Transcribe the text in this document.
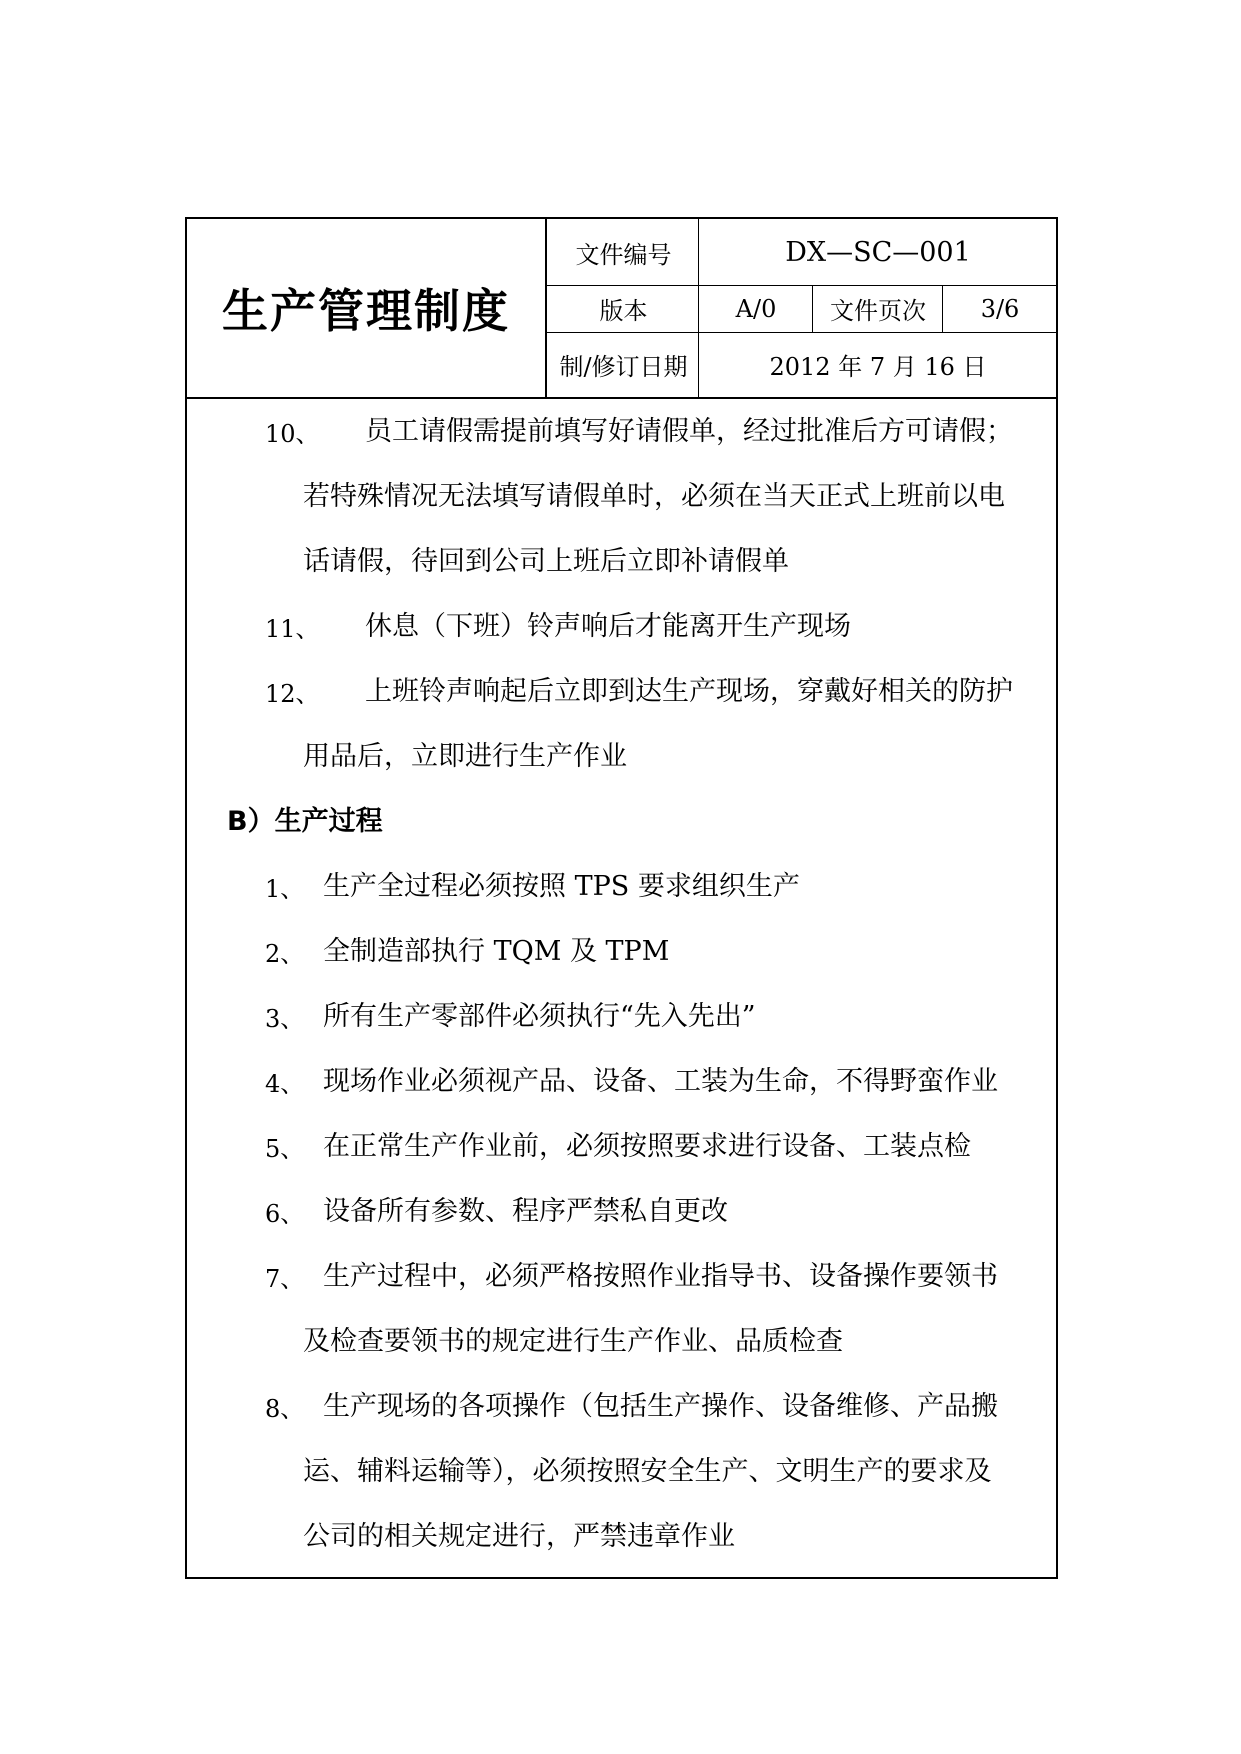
生产管理制度
文件编号	DX—SC—001
版本	A/0	文件页次	3/6
制/修订日期	2012 年 7 月 16 日
10、 员工请假需提前填写好请假单，经过批准后方可请假；
若特殊情况无法填写请假单时，必须在当天正式上班前以电
话请假，待回到公司上班后立即补请假单
11、 休息（下班）铃声响后才能离开生产现场
12、 上班铃声响起后立即到达生产现场，穿戴好相关的防护
用品后，立即进行生产作业
B）生产过程
1、 生产全过程必须按照 TPS 要求组织生产
2、 全制造部执行 TQM 及 TPM
3、 所有生产零部件必须执行“先入先出”
4、 现场作业必须视产品、设备、工装为生命，不得野蛮作业
5、 在正常生产作业前，必须按照要求进行设备、工装点检
6、 设备所有参数、程序严禁私自更改
7、 生产过程中，必须严格按照作业指导书、设备操作要领书
及检查要领书的规定进行生产作业、品质检查
8、 生产现场的各项操作（包括生产操作、设备维修、产品搬
运、辅料运输等），必须按照安全生产、文明生产的要求及
公司的相关规定进行，严禁违章作业
